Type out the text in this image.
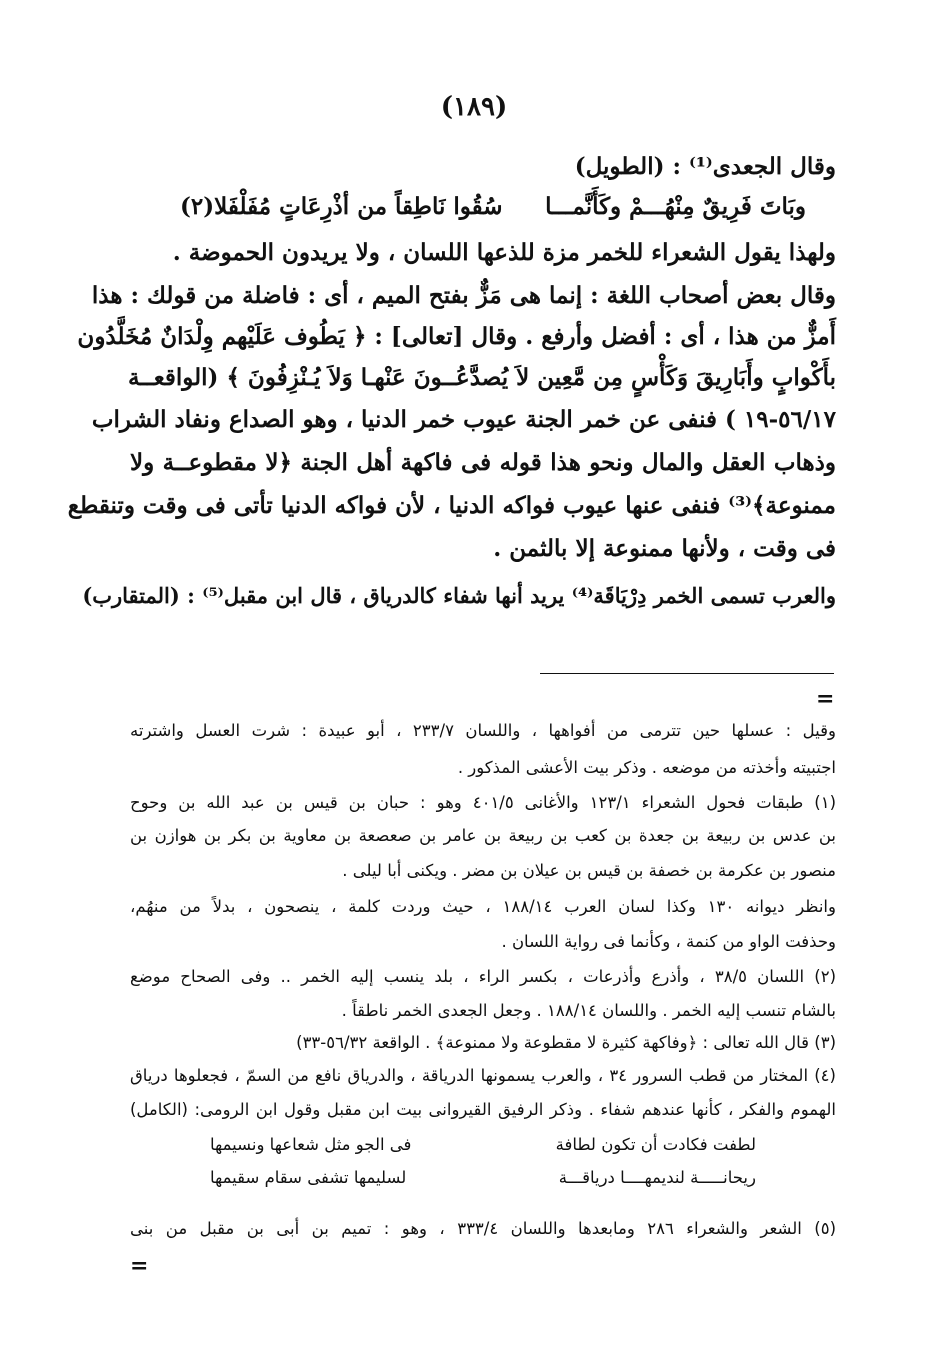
(١٨٩)
وقال الجعدى⁽¹⁾ : (الطويل)
وبَاتَ فَرِيقٌ مِنْهُـــمْ وكَأَنَّمـــا
سُقُوا نَاطِقاً من أذْرِعَاتٍ مُفَلْفَلا(٢)
ولهذا يقول الشعراء للخمر مزة للذعها اللسان ، ولا يريدون الحموضة .
وقال بعض أصحاب اللغة : إنما هى مَزٌّ بفتح الميم ، أى : فاضلة من قولك : هذا
أَمزٌّ من هذا ، أى : أفضل وأرفع . وقال [تعالى] : ﴿ يَطُوف عَلَيْهم وِلْدَانٌ مُخَلَّدُون
بأَكْوابٍ وأَبَارِيقَ وَكَأْسٍ مِن مَّعِين لاَ يُصدَّعُــونَ عَنْهـا وَلاَ يُـنْزِفُونَ ﴾ (الواقعــة
٥٦/١٧-١٩ ) فنفى عن خمر الجنة عيوب خمر الدنيا ، وهو الصداع ونفاد الشراب
وذهاب العقل والمال ونحو هذا قوله فى فاكهة أهل الجنة ﴿لا مقطوعــة ولا
ممنوعة﴾⁽³⁾ فنفى عنها عيوب فواكه الدنيا ، لأن فواكه الدنيا تأتى فى وقت وتنقطع
فى وقت ، ولأنها ممنوعة إلا بالثمن .
والعرب تسمى الخمر دِرْيَاقَة⁽⁴⁾ يريد أنها شفاء كالدرياق ، قال ابن مقبل⁽⁵⁾ : (المتقارب)
=
وقيل : عسلها حين تترمى من أفواهها ، واللسان ٢٣٣/٧ ، أبو عبيدة : شرت العسل واشترته
اجتبيته وأخذته من موضعه . وذكر بيت الأعشى المذكور .
(١) طبقات فحول الشعراء ١٢٣/١ والأغانى ٤٠١/٥ وهو : حبان بن قيس بن عبد الله بن وحوح
بن عدس بن ربيعة بن جعدة بن كعب بن ربيعة بن عامر بن صعصعة بن معاوية بن بكر بن هوازن بن
منصور بن عكرمة بن خصفة بن قيس بن عيلان بن مضر . ويكنى أبا ليلى .
وانظر ديوانه ١٣٠ وكذا لسان العرب ١٨٨/١٤ ، حيث وردت كلمة ، ينصحون ، بدلاً من منهُم،
وحذفت الواو من كنمة ، وكأنما فى رواية اللسان .
(٢) اللسان ٣٨/٥ ، وأذرع وأذرعات ، بكسر الراء ، بلد ينسب إليه الخمر .. وفى الصحاح موضع
بالشام تنسب إليه الخمر . واللسان ١٨٨/١٤ . وجعل الجعدى الخمر ناطقاً .
(٣) قال الله تعالى : ﴿وفاكهة كثيرة لا مقطوعة ولا ممنوعة﴾ . الواقعة ٥٦/٣٢-٣٣)
(٤) المختار من قطب السرور ٣٤ ، والعرب يسمونها الدرياقة ، والدرياق نافع من السمّ ، فجعلوها درياق
الهموم والفكر ، كأنها عندهم شفاء . وذكر الرفيق القيروانى بيت ابن مقبل وقول ابن الرومى: (الكامل)
لطفت فكادت أن تكون لطافة
فى الجو مثل شعاعها ونسيمها
ريحانـــــة لنديمهــــا درياقـــة
لسليمها تشفى سقام سقيمها
(٥) الشعر والشعراء ٢٨٦ ومابعدها واللسان ٣٣٣/٤ ، وهو : تميم بن أبى بن مقبل من بنى
=
